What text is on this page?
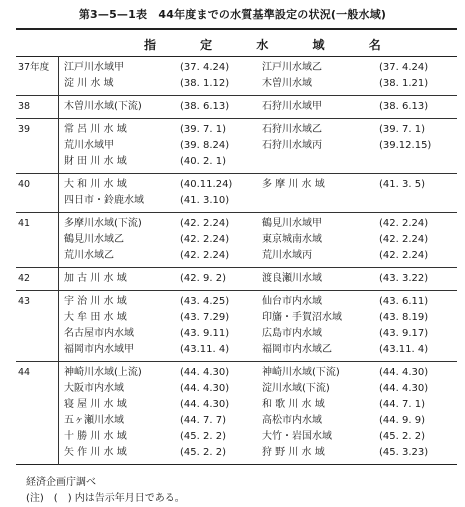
第3—5—1表　44年度までの水質基準設定の状況(一般水域)
指 定 水 域 名
37年度 江戸川水域甲	(37. 4.24)	江戸川水域乙	(37. 4.24)
淀 川 水 域	(38. 1.12)	木曽川水域	(38. 1.21)
38	木曽川水域(下流)	(38. 6.13)	石狩川水域甲	(38. 6.13)
39	常 呂 川 水 域	(39. 7. 1)	石狩川水域乙	(39. 7. 1)
荒川水域甲	(39. 8.24)	石狩川水域丙	(39.12.15)
財 田 川 水 域	(40. 2. 1)
40	大 和 川 水 域	(40.11.24)	多 摩 川 水 域	(41. 3. 5)
四日市・鈴鹿水域	(41. 3.10)
41	多摩川水域(下流)	(42. 2.24)	鶴見川水域甲	(42. 2.24)
鶴見川水域乙	(42. 2.24)	東京城南水域	(42. 2.24)
荒川水域乙	(42. 2.24)	荒川水域丙	(42. 2.24)
42	加 古 川 水 域	(42. 9. 2)	渡良瀬川水域	(43. 3.22)
43	宇 治 川 水 域	(43. 4.25)	仙台市内水域	(43. 6.11)
大 牟 田 水 域	(43. 7.29)	印旛・手賀沼水域	(43. 8.19)
名古屋市内水域	(43. 9.11)	広島市内水域	(43. 9.17)
福岡市内水域甲	(43.11. 4)	福岡市内水域乙	(43.11. 4)
44	神崎川水域(上流)	(44. 4.30)	神崎川水域(下流)	(44. 4.30)
大阪市内水域	(44. 4.30)	淀川水域(下流)	(44. 4.30)
寝 屋 川 水 域	(44. 4.30)	和 歌 川 水 域	(44. 7. 1)
五ヶ瀬川水域	(44. 7. 7)	高松市内水域	(44. 9. 9)
十 勝 川 水 域	(45. 2. 2)	大竹・岩国水域	(45. 2. 2)
矢 作 川 水 域	(45. 2. 2)	狩 野 川 水 域	(45. 3.23)
経済企画庁調べ
(注)　(　) 内は告示年月日である。
